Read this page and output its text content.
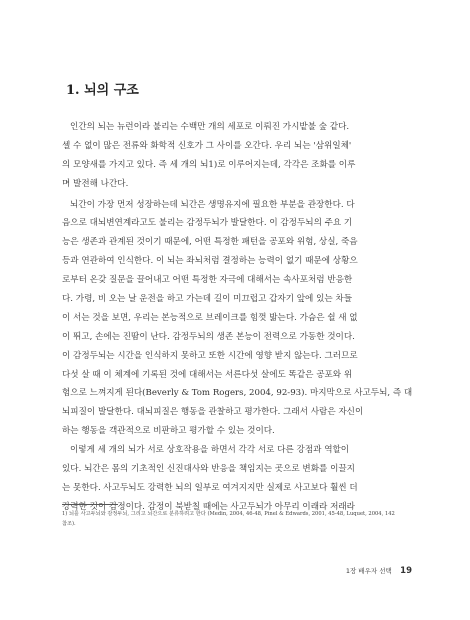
1. 뇌의 구조
인간의 뇌는 뉴런이라 불리는 수백만 개의 세포로 이뤄진 가시밭불 숲 같다.
셀 수 없이 많은 전류와 화학적 신호가 그 사이를 오간다. 우리 뇌는 '삼위일체'
의 모양새를 가지고 있다. 즉 세 개의 뇌1)로 이루어지는데, 각각은 조화를 이루
며 발전해 나간다.
뇌간이 가장 먼저 성장하는데 뇌간은 생명유지에 필요한 부분을 관장한다. 다
음으로 대뇌변연계라고도 불리는 감정두뇌가 발달한다. 이 감정두뇌의 주요 기
능은 생존과 관계된 것이기 때문에, 어떤 특정한 패턴을 공포와 위험, 상실, 죽음
등과 연관하여 인식한다. 이 뇌는 좌뇌처럼 결정하는 능력이 없기 때문에 상황으
로부터 온갖 질문을 끌어내고 어떤 특정한 자극에 대해서는 속사포처럼 반응한
다. 가령, 비 오는 날 운전을 하고 가는데 길이 미끄럽고 갑자기 앞에 있는 차들
이 서는 것을 보면, 우리는 본능적으로 브레이크를 힘껏 밟는다. 가슴은 쉴 새 없
이 뛰고, 손에는 진땀이 난다. 감정두뇌의 생존 본능이 전력으로 가동한 것이다.
이 감정두뇌는 시간을 인식하지 못하고 또한 시간에 영향 받지 않는다. 그러므로
다섯 살 때 이 체계에 기록된 것에 대해서는 서른다섯 살에도 똑같은 공포와 위
험으로 느껴지게 된다(Beverly & Tom Rogers, 2004, 92-93). 마지막으로 사고두뇌, 즉 대
뇌피질이 발달한다. 대뇌피질은 행동을 관찰하고 평가한다. 그래서 사람은 자신이
하는 행동을 객관적으로 비판하고 평가할 수 있는 것이다.
이렇게 세 개의 뇌가 서로 상호작용을 하면서 각각 서로 다른 강점과 역할이
있다. 뇌간은 몸의 기초적인 신진대사와 반응을 책임지는 곳으로 변화를 이끌지
는 못한다. 사고두뇌도 강력한 뇌의 일부로 여겨지지만 실제로 사고보다 훨씬 더
강력한 것이 감정이다. 감정이 북받칠 때에는 사고두뇌가 아무리 이래라 저래라
1) 뇌를 사고두뇌와 감정두뇌, 그리고 뇌간으로 분류하려고 한다 (Medin, 2004, 46-48, Pinel & Edwards, 2001, 45-48, Luquet, 2004, 142
참조).
1장 배우자 선택 19
